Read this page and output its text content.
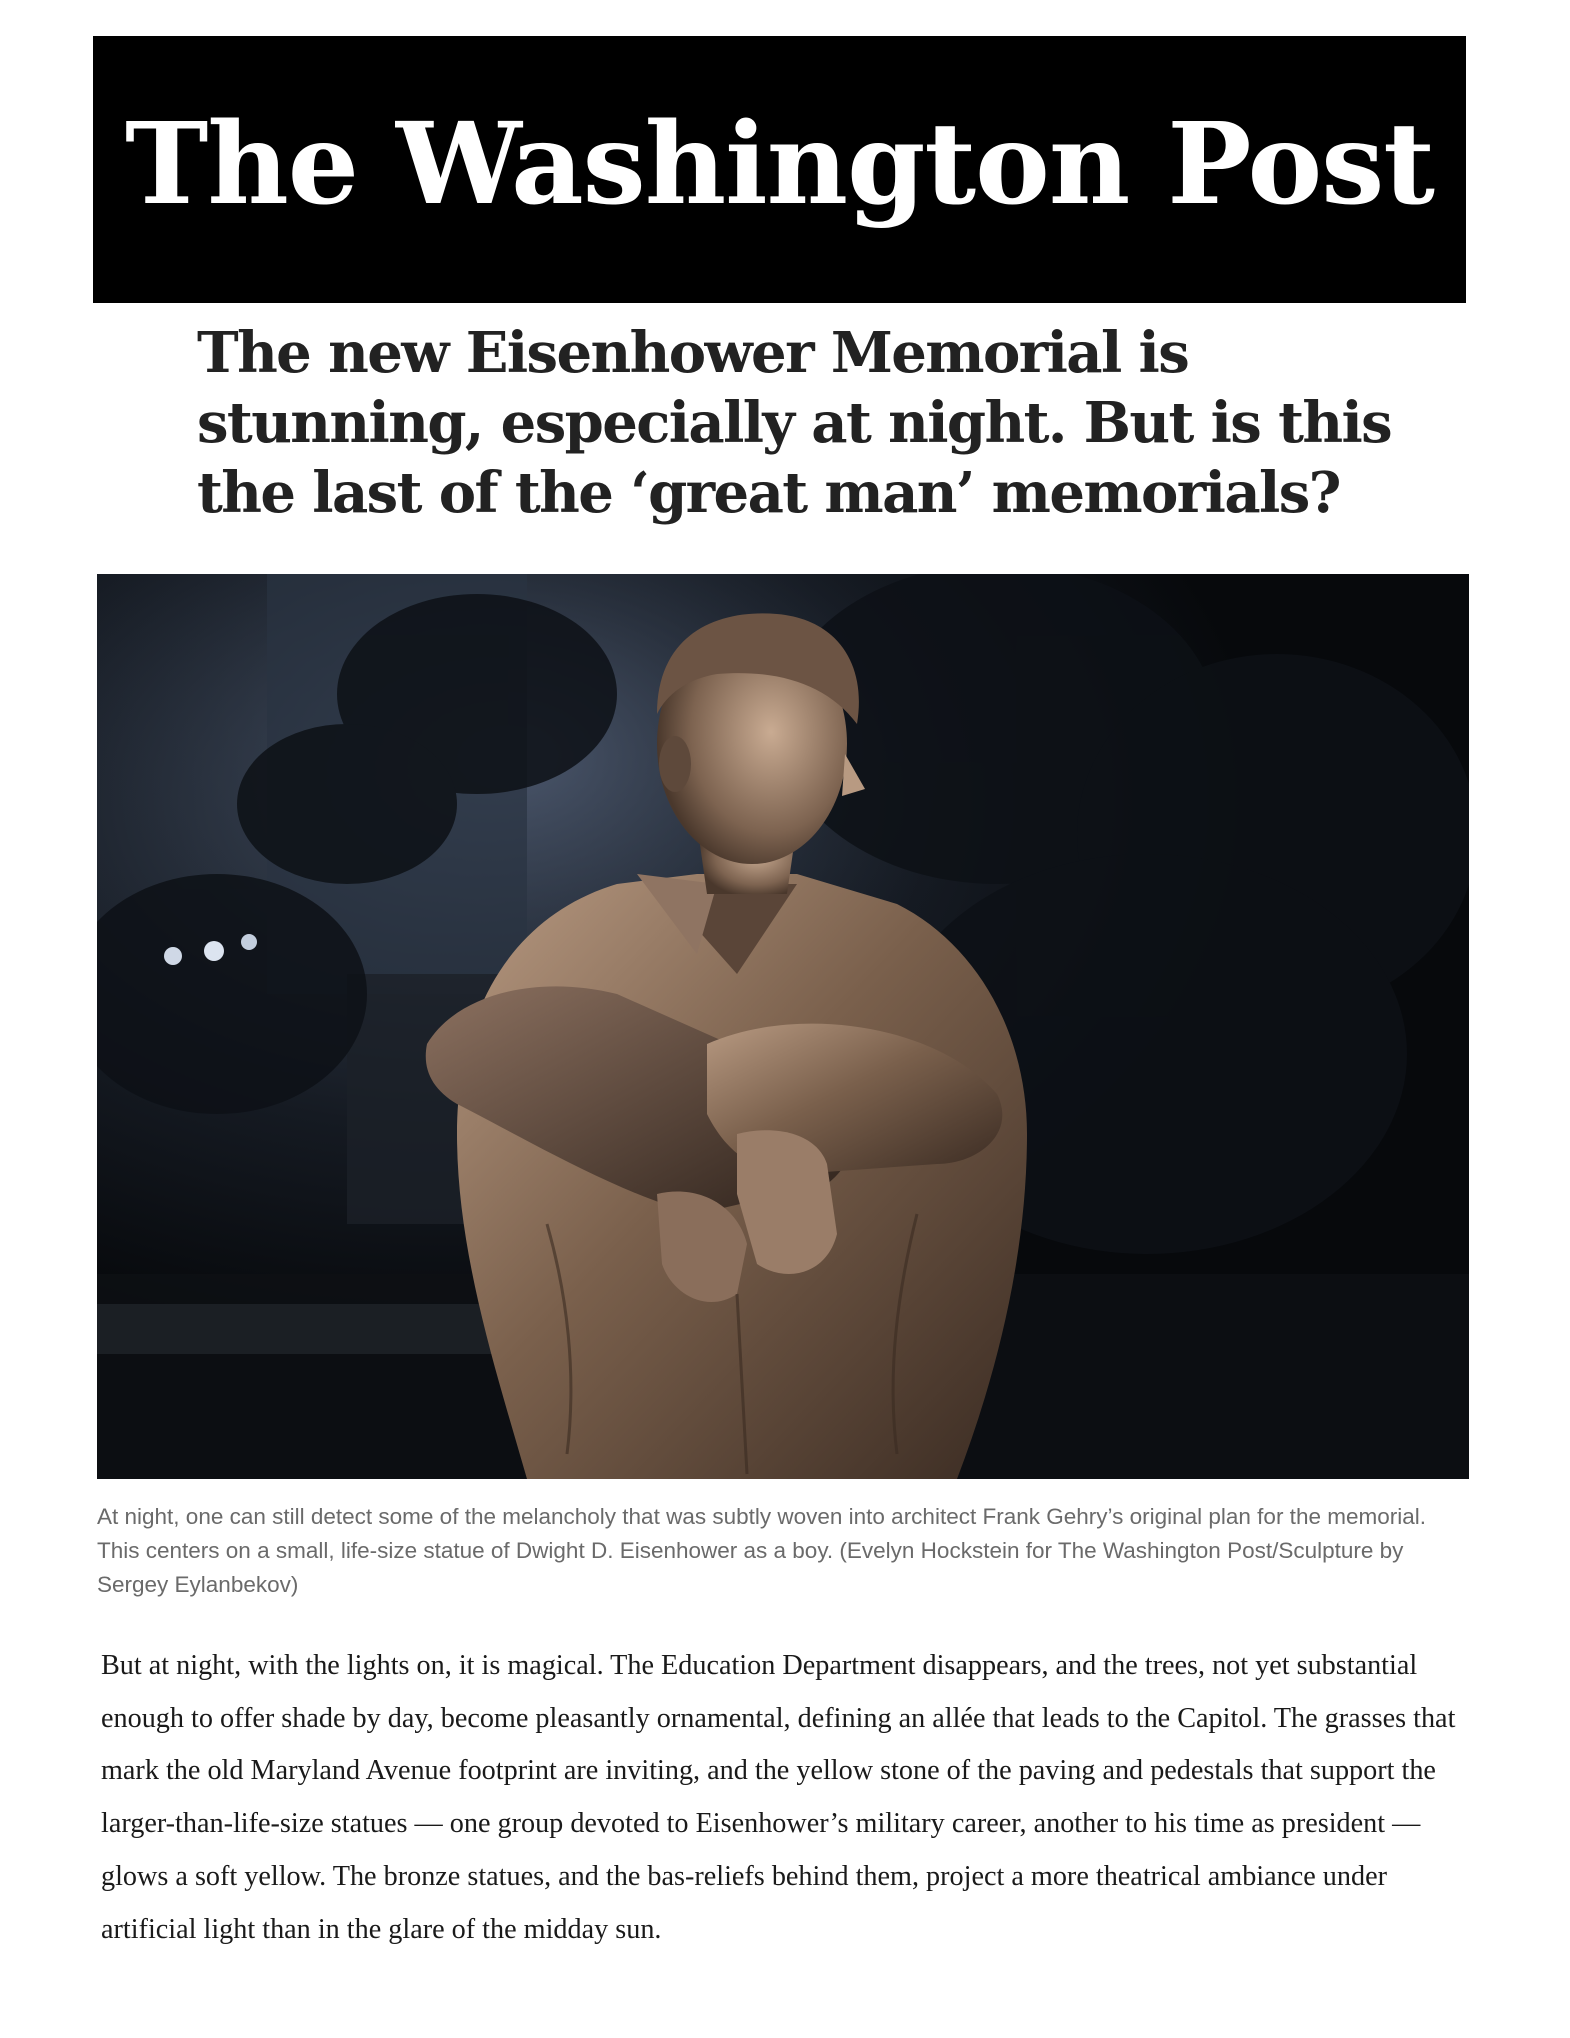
The Washington Post
The new Eisenhower Memorial is stunning, especially at night. But is this the last of the ‘great man’ memorials?

At night, one can still detect some of the melancholy that was subtly woven into architect Frank Gehry’s original plan for the memorial. This centers on a small, life-size statue of Dwight D. Eisenhower as a boy. (Evelyn Hockstein for The Washington Post/Sculpture by Sergey Eylanbekov)

But at night, with the lights on, it is magical. The Education Department disappears, and the trees, not yet substantial enough to offer shade by day, become pleasantly ornamental, defining an allée that leads to the Capitol. The grasses that mark the old Maryland Avenue footprint are inviting, and the yellow stone of the paving and pedestals that support the larger-than-life-size statues — one group devoted to Eisenhower’s military career, another to his time as president — glows a soft yellow. The bronze statues, and the bas-reliefs behind them, project a more theatrical ambiance under artificial light than in the glare of the midday sun.
